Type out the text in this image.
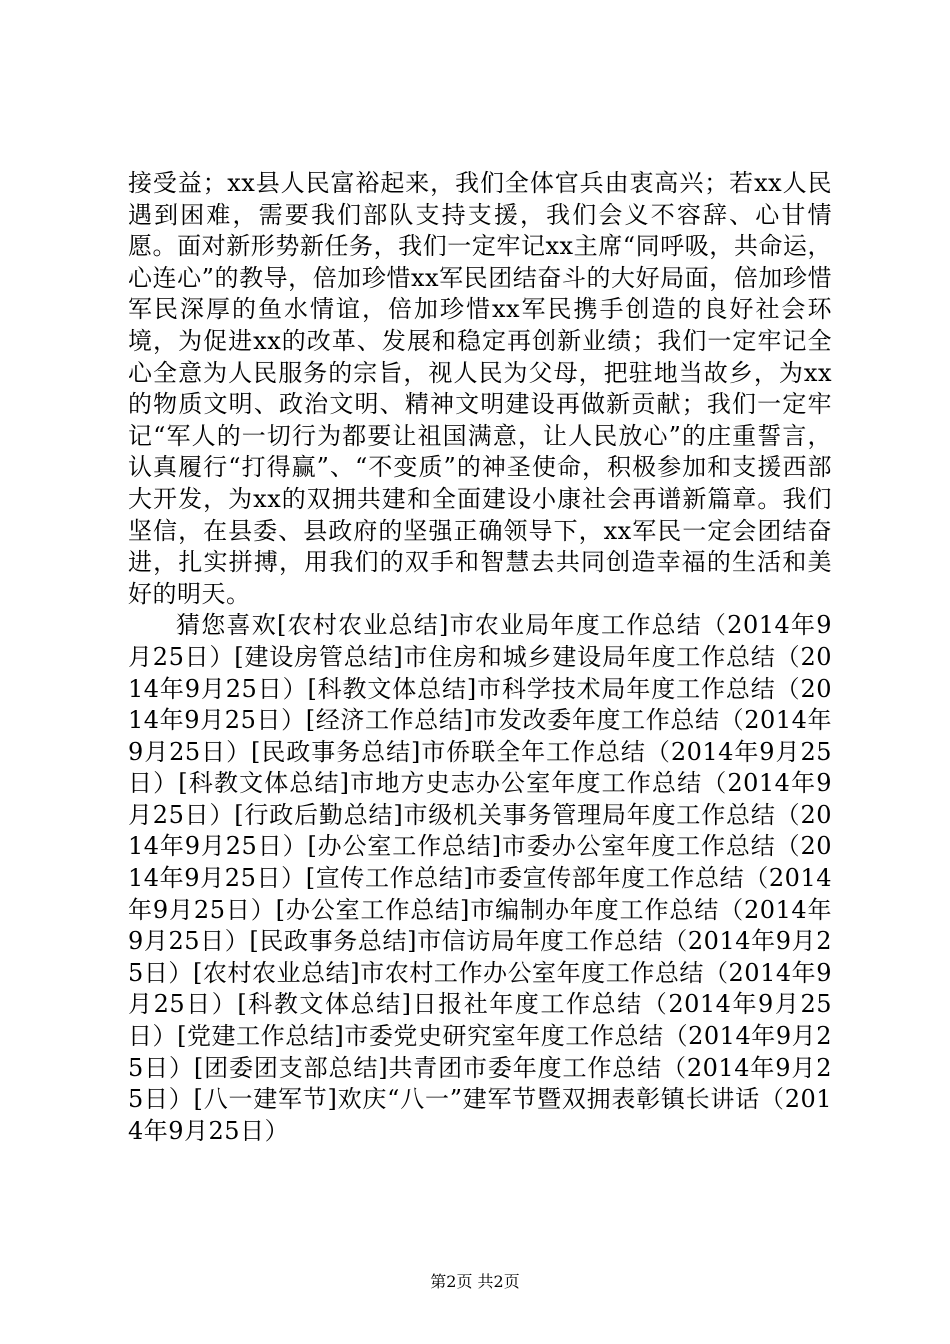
接受益；xx县人民富裕起来，我们全体官兵由衷高兴；若xx人民遇到困难，需要我们部队支持支援，我们会义不容辞、心甘情愿。面对新形势新任务，我们一定牢记xx主席“同呼吸，共命运，心连心”的教导，倍加珍惜xx军民团结奋斗的大好局面，倍加珍惜军民深厚的鱼水情谊，倍加珍惜xx军民携手创造的良好社会环境，为促进xx的改革、发展和稳定再创新业绩；我们一定牢记全心全意为人民服务的宗旨，视人民为父母，把驻地当故乡，为xx的物质文明、政治文明、精神文明建设再做新贡献；我们一定牢记“军人的一切行为都要让祖国满意，让人民放心”的庄重誓言，认真履行“打得赢”、“不变质”的神圣使命，积极参加和支援西部大开发，为xx的双拥共建和全面建设小康社会再谱新篇章。我们坚信，在县委、县政府的坚强正确领导下，xx军民一定会团结奋进，扎实拼搏，用我们的双手和智慧去共同创造幸福的生活和美好的明天。

猜您喜欢[农村农业总结]市农业局年度工作总结（2014年9月25日）[建设房管总结]市住房和城乡建设局年度工作总结（2014年9月25日）[科教文体总结]市科学技术局年度工作总结（2014年9月25日）[经济工作总结]市发改委年度工作总结（2014年9月25日）[民政事务总结]市侨联全年工作总结（2014年9月25日）[科教文体总结]市地方史志办公室年度工作总结（2014年9月25日）[行政后勤总结]市级机关事务管理局年度工作总结（2014年9月25日）[办公室工作总结]市委办公室年度工作总结（2014年9月25日）[宣传工作总结]市委宣传部年度工作总结（2014年9月25日）[办公室工作总结]市编制办年度工作总结（2014年9月25日）[民政事务总结]市信访局年度工作总结（2014年9月25日）[农村农业总结]市农村工作办公室年度工作总结（2014年9月25日）[科教文体总结]日报社年度工作总结（2014年9月25日）[党建工作总结]市委党史研究室年度工作总结（2014年9月25日）[团委团支部总结]共青团市委年度工作总结（2014年9月25日）[八一建军节]欢庆“八一”建军节暨双拥表彰镇长讲话（2014年9月25日）

第2页 共2页
